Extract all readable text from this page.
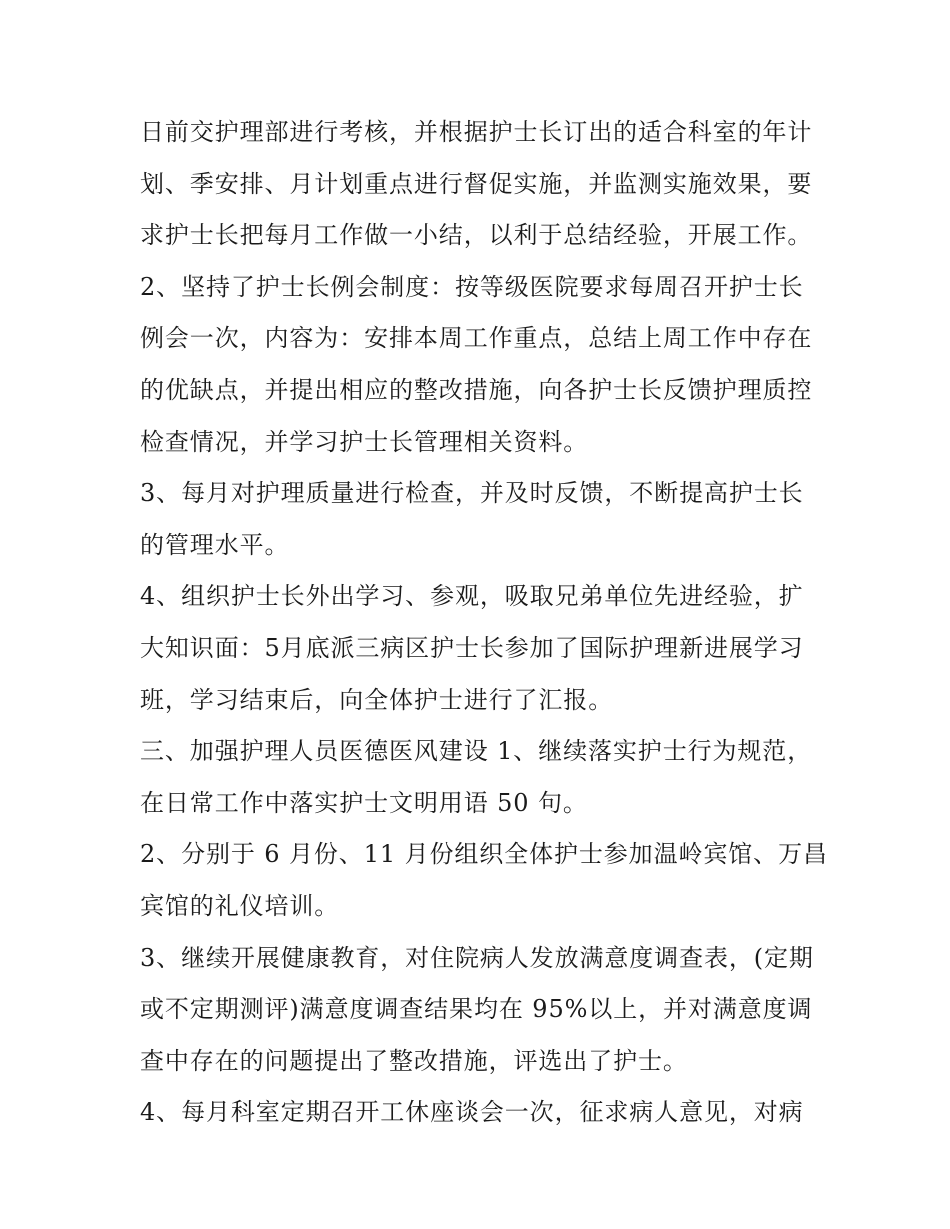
日前交护理部进行考核，并根据护士长订出的适合科室的年计
划、季安排、月计划重点进行督促实施，并监测实施效果，要
求护士长把每月工作做一小结，以利于总结经验，开展工作。
2、坚持了护士长例会制度：按等级医院要求每周召开护士长
例会一次，内容为：安排本周工作重点，总结上周工作中存在
的优缺点，并提出相应的整改措施，向各护士长反馈护理质控
检查情况，并学习护士长管理相关资料。
3、每月对护理质量进行检查，并及时反馈，不断提高护士长
的管理水平。
4、组织护士长外出学习、参观，吸取兄弟单位先进经验，扩
大知识面：5月底派三病区护士长参加了国际护理新进展学习
班，学习结束后，向全体护士进行了汇报。
三、加强护理人员医德医风建设 1、继续落实护士行为规范，
在日常工作中落实护士文明用语 50 句。
2、分别于 6 月份、11 月份组织全体护士参加温岭宾馆、万昌
宾馆的礼仪培训。
3、继续开展健康教育，对住院病人发放满意度调查表，(定期
或不定期测评)满意度调查结果均在 95%以上，并对满意度调
查中存在的问题提出了整改措施，评选出了护士。
4、每月科室定期召开工休座谈会一次，征求病人意见，对病
